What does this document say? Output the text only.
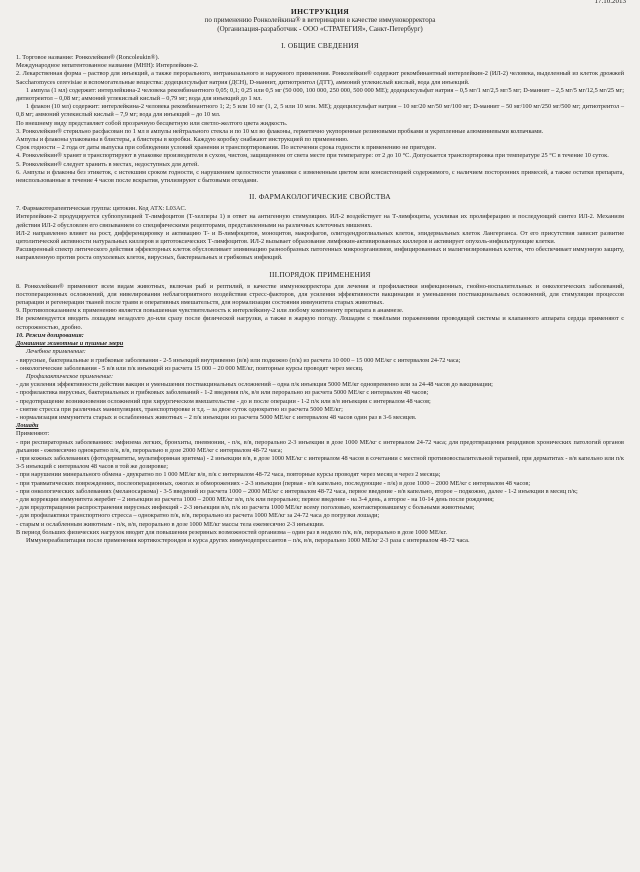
17.10.2013
ИНСТРУКЦИЯ
по применению Ронколейкина® в ветеринарии в качестве иммунокорректора
(Организация-разработчик - ООО «СТРАТЕГИЯ», Санкт-Петербург)
I. ОБЩИЕ СВЕДЕНИЯ

1. Торговое название: Ронколейкин® (Roncoleukin®).

Международное непатентованное название (МНН): Интерлейкин-2.

2. Лекарственная форма – раствор для инъекций, а также перорального, интраназального и наружного применения. Ронколейкин® содержит рекомбинантный интерлейкин-2 (ИЛ-2) человека, выделенный из клеток дрожжей Saccharomyces cerevisiae и вспомогательные вещества: додецилсульфат натрия (ДСН), D-маннит, дитиотреитол (ДТТ), аммоний углекислый кислый, вода для инъекций.

1 ампула (1 мл) содержит: интерлейкина-2 человека рекомбинантного 0,05; 0,1; 0,25 или 0,5 мг (50 000, 100 000, 250 000, 500 000 МЕ); додецилсульфат натрия – 0,5 мг/1 мг/2,5 мг/5 мг; D-маннит – 2,5 мг/5 мг/12,5 мг/25 мг; дитиотреитол – 0,08 мг; аммоний углекислый кислый – 0,79 мг; вода для инъекций до 1 мл.

1 флакон (10 мл) содержит: интерлейкина-2 человека рекомбинантного 1; 2; 5 или 10 мг (1, 2, 5 или 10 млн. МЕ); додецилсульфат натрия – 10 мг/20 мг/50 мг/100 мг; D-маннит – 50 мг/100 мг/250 мг/500 мг; дитиотреитол – 0,8 мг; аммоний углекислый кислый – 7,9 мг; вода для инъекций – до 10 мл.

По внешнему виду представляет собой прозрачную бесцветную или светло-желтого цвета жидкость.

3. Ронколейкин® стерильно расфасован по 1 мл в ампулы нейтрального стекла и по 10 мл во флаконы, герметично укупоренные резиновыми пробками и укрепленные алюминиевыми колпачками.

Ампулы и флаконы упакованы в блистеры, а блистеры в коробки. Каждую коробку снабжают инструкцией по применению.

Срок годности – 2 года от даты выпуска при соблюдении условий хранения и транспортирования. По истечении срока годности к применению не пригоден.

4. Ронколейкин® хранят в транспортируют в упаковке производителя в сухом, чистом, защищенном от света месте при температуре: от 2 до 10 °С. Допускается транспортировка при температуре 25 °С в течение 10 суток.

5. Ронколейкин® следует хранить в местах, недоступных для детей.

6. Ампулы и флаконы без этикеток, с истекшим сроком годности, с нарушением целостности упаковки с измененным цветом или консистенцией содержимого, с наличием посторонних примесей, а также остатки препарата, неиспользованные в течение 4 часов после вскрытия, утилизируют с бытовыми отходами.

II. ФАРМАКОЛОГИЧЕСКИЕ СВОЙСТВА

7. Фармакотерапевтическая группа: цитокин. Код АТХ: L03AC.

Интерлейкин-2 продуцируется субпопуляцией Т-лимфоцитов (Т-хелперы 1) в ответ на антигенную стимуляцию. ИЛ-2 воздействует на Т-лимфоциты, усиливая их пролиферацию и последующий синтез ИЛ-2. Механизм действия ИЛ-2 обусловлен его связыванием со специфическими рецепторами, представленными на различных клеточных мишенях.

ИЛ-2 направленно влияет на рост, дифференцировку и активацию Т- и В-лимфоцитов, моноцитов, макрофагов, олигодендроглиальных клеток, эпидермальных клеток Лангерганса. От его присутствия зависит развитие цитолитической активности натуральных киллеров и цитотоксических Т-лимфоцитов. ИЛ-2 вызывает образование лимфокин-активированных киллеров и активирует опухоль-инфильтрующие клетки.

Расширенный спектр литического действия эффекторных клеток обусловливает элиминацию разнообразных патогенных микроорганизмов, инфицированных и малигнизированных клеток, что обеспечивает иммунную защиту, направленную против роста опухолевых клеток, вирусных, бактериальных и грибковых инфекций.

III.ПОРЯДОК ПРИМЕНЕНИЯ

8. Ронколейкин® применяют всем видам животных, включая рыб и рептилий, в качестве иммунокорректора для лечения и профилактики инфекционных, гнойно-воспалительных и онкологических заболеваний, постоперационных осложнений, для нивелирования неблагоприятного воздействия стресс-факторов, для усиления эффективности вакцинации и уменьшения поствакцинальных осложнений, для стимуляции процессов репарации и регенерации тканей после травм и оперативных вмешательств, для нормализации состояния иммунитета старых животных.

9. Противопоказанием к применению является повышенная чувствительность к интерлейкину-2 или любому компоненту препарата в анамнезе.

Не рекомендуется вводить лошадям незадолго до-или сразу после физической нагрузки, а также в жаркую погоду. Лошадям с тяжёлыми поражениями проводящей системы и клапанного аппарата сердца применяют с осторожностью, дробно.

10. Режим дозирования:

Домашние животные и пушные звери

Лечебное применение:

- вирусные, бактериальные и грибковые заболевания - 2-5 инъекций внутривенно (в/в) или подкожно (п/к) из расчета 10 000 – 15 000 МЕ/кг с интервалом 24-72 часа;

- онкологические заболевания - 5 в/в или п/к инъекций из расчета 15 000 – 20 000 МЕ/кг, повторные курсы проводят через месяц.

Профилактическое применение:

- для усиления эффективности действия вакцин и уменьшения поствакцинальных осложнений – одна п/к инъекция 5000 МЕ/кг одновременно или за 24-48 часов до вакцинации;

- профилактика вирусных, бактериальных и грибковых заболеваний - 1-2 введения п/к, в/в или перорально из расчета 5000 МЕ/кг с интервалом 48 часов;

- предотвращение возникновения осложнений при хирургическом вмешательстве - до и после операции - 1-2 п/к или в/в инъекции с интервалом 48 часов;

- снятие стресса при различных манипуляциях, транспортировке и т.д. – за двое суток однократно из расчета 5000 МЕ/кг;

- нормализация иммунитета старых и ослабленных животных – 2 п/к инъекции из расчета 5000 МЕ/кг с интервалом 48 часов один раз в 3-6 месяцев.

Лошади

Применяют:

- при респираторных заболеваниях: эмфизема легких, бронхиты, пневмонии, - п/к, в/в, перорально 2-3 инъекции в дозе 1000 МЕ/кг с интервалом 24-72 часа; для предотвращения рецидивов хронических патологий органов дыхания - ежемесячно однократно п/к, в/в, перорально в дозе 2000 МЕ/кг с интервалом 48-72 часа;

- при кожных заболеваниях (фотодерматиты, мультиформная эритема) - 2 инъекции в/в, в дозе 1000 МЕ/кг с интервалом 48 часов в сочетании с местной противовоспалительной терапией, при дерматитах - в/в капельно или п/к 3-5 инъекций с интервалом 48 часов в той же дозировке;

- при нарушении минерального обмена - двукратно по 1 000 МЕ/кг в/в, п/к с интервалом 48-72 часа, повторные курсы проводят через месяц и через 2 месяца;

- при травматических повреждениях, послеоперационных, ожогах и обморожениях - 2-3 инъекции (первая - в/в капельно, последующие - п/к) в дозе 1000 – 2000 МЕ/кг с интервалом 48 часов;

- при онкологических заболеваниях (меланосаркома) - 3-5 введений из расчета 1000 – 2000 МЕ/кг с интервалом 48-72 часа, первое введение - в/в капельно, второе – подкожно, далее - 1-2 инъекции в месяц п/к;

- для коррекции иммунитета жеребят – 2 инъекции из расчета 1000 – 2000 МЕ/кг в/в, п/к или перорально; первое введение - на 3-4 день, а второе - на 10-14 день после рождения;

- для предотвращения распространения вирусных инфекций - 2-3 инъекции в/в, п/к из расчета 1000 МЕ/кг всему поголовью, контактировавшему с больными животными;

- для профилактики транспортного стресса – однократно п/к, в/в, перорально из расчета 1000 МЕ/кг за 24-72 часа до погрузки лошади;

- старым и ослабленным животным - п/к, в/в, перорально в дозе 1000 МЕ/кг массы тела ежемесячно 2-3 инъекции.

В период больших физических нагрузок вводят для повышения резервных возможностей организма – один раз в неделю п/к, в/в, перорально в дозе 1000 МЕ/кг.

Иммунореабилитация после применения кортикостероидов и курса других иммунодепрессантов – п/к, в/в, перорально 1000 МЕ/кг 2-3 раза с интервалом 48-72 часа.
